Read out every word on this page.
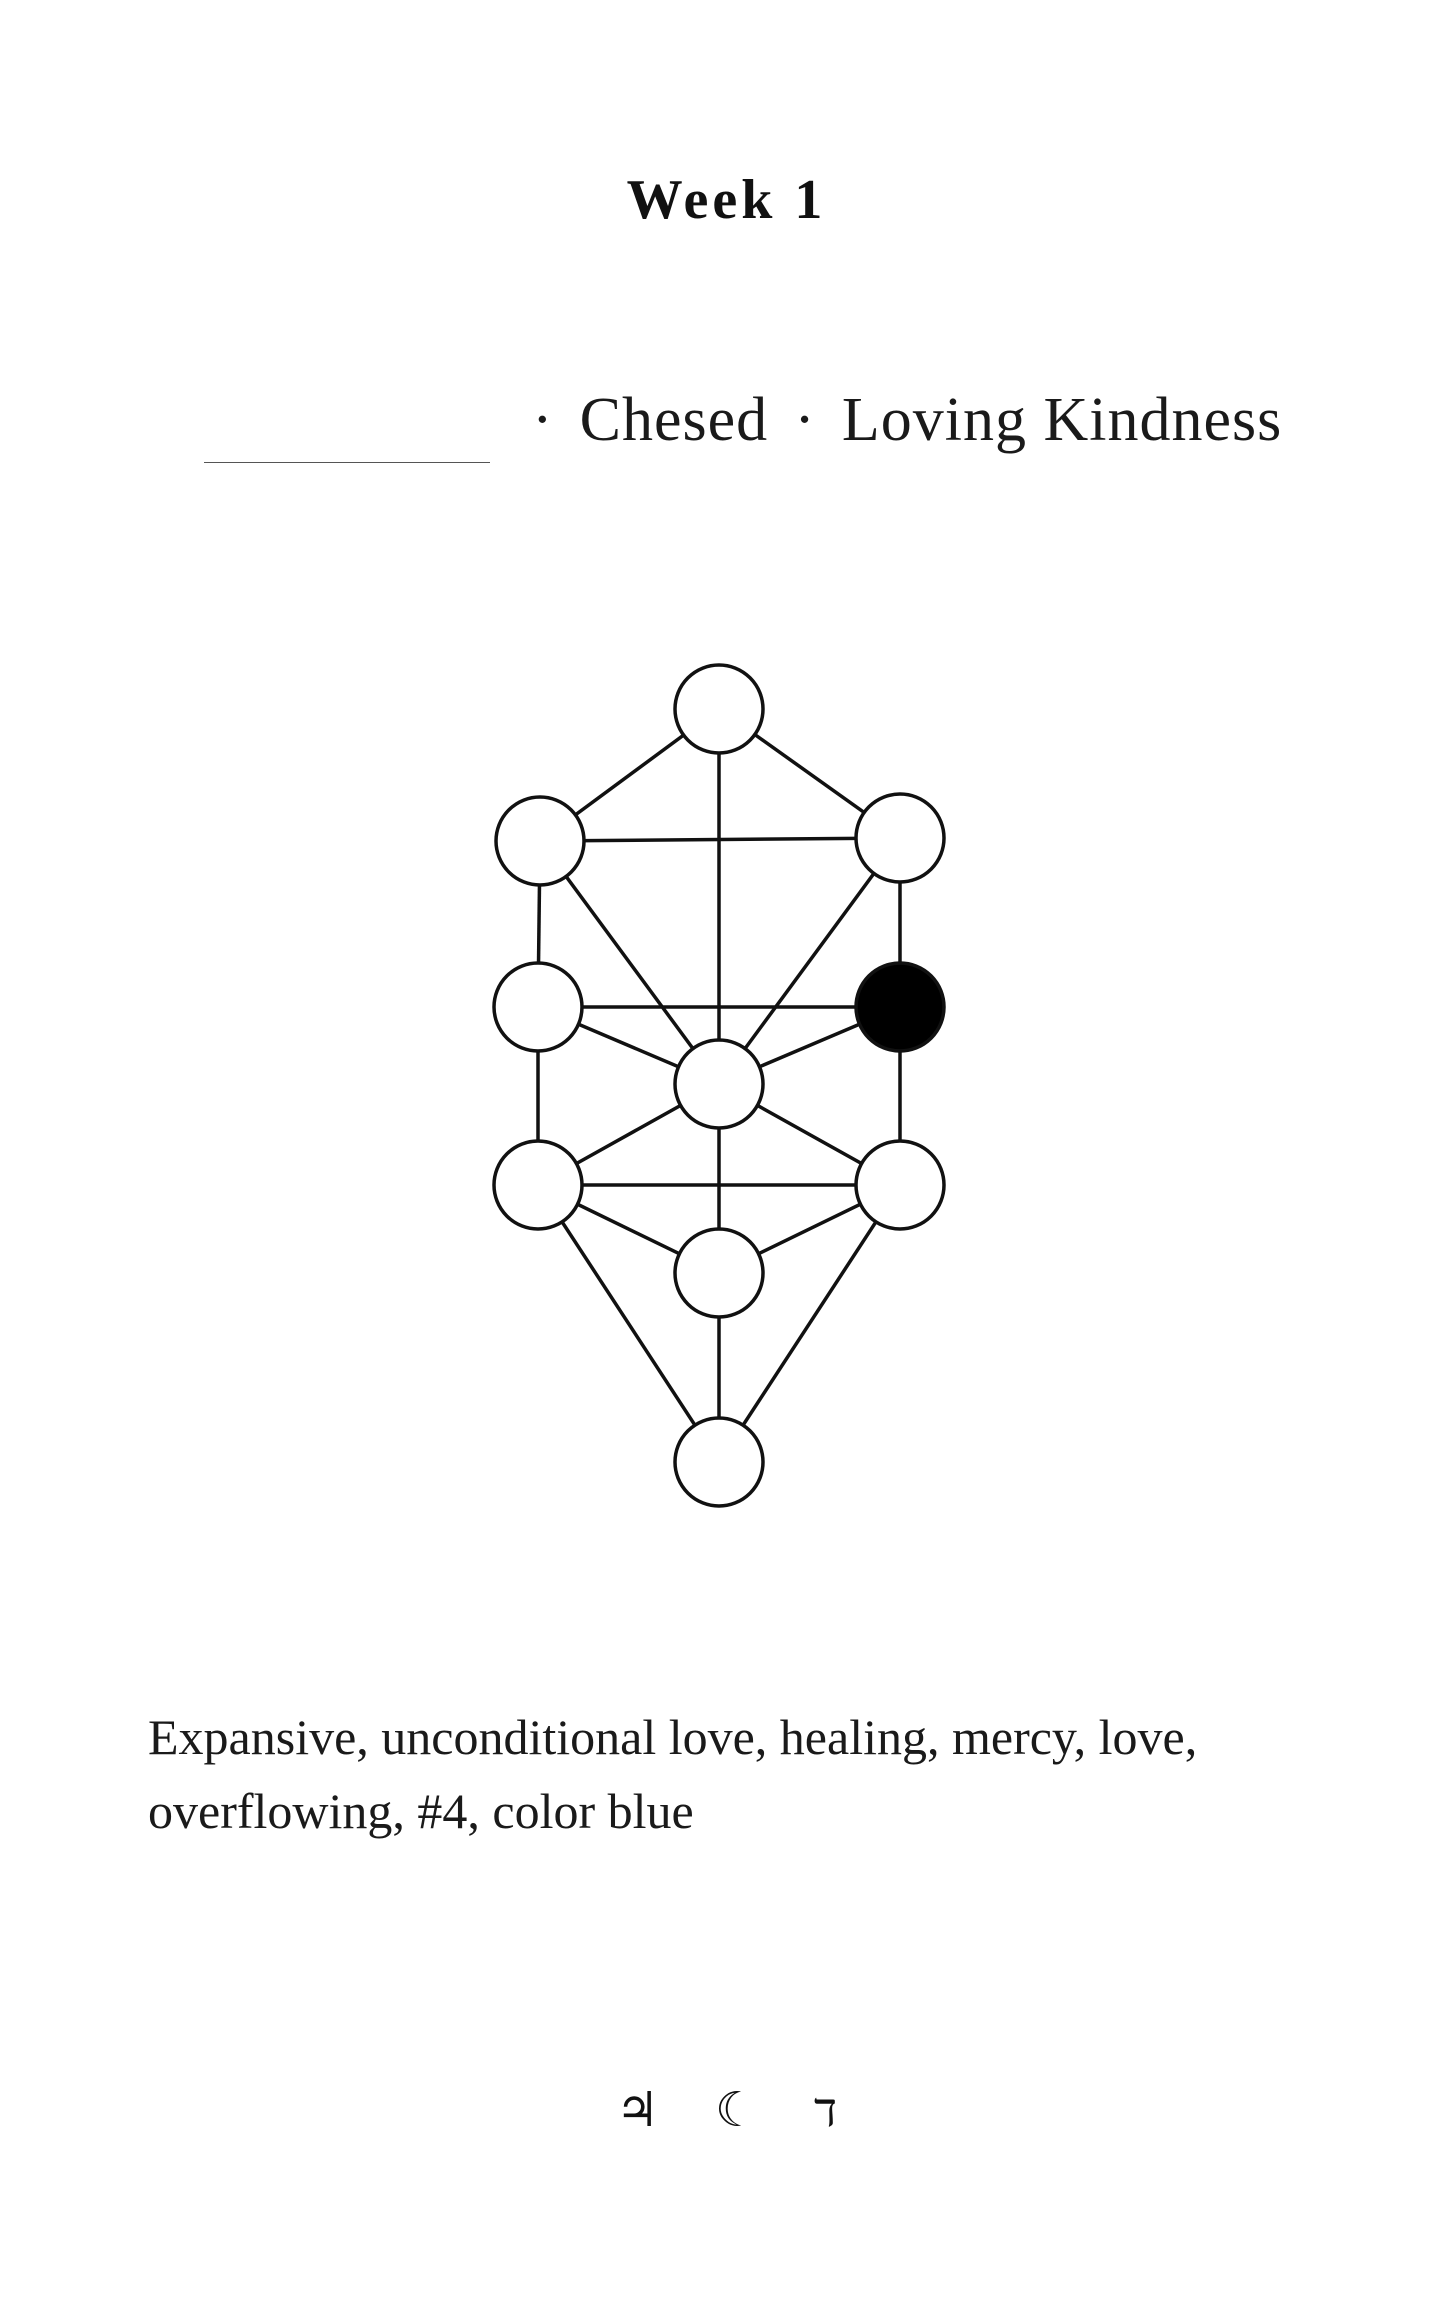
Week 1
· Chesed · Loving Kindness
Expansive, unconditional love, healing, mercy, love, overflowing, #4, color blue
♃ ☾ ד
